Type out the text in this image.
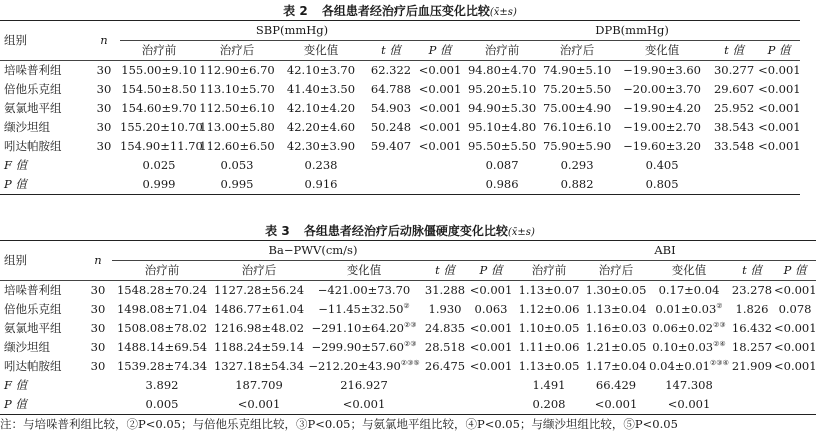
表 2 各组患者经治疗后血压变化比较(x̄±s)
组别	n	SBP(mmHg)					DPB(mmHg)				
		治疗前	治疗后	变化值	t 值	P 值	治疗前	治疗后	变化值	t 值	P 值
培哚普利组	30	155.00±9.10	112.90±6.70	42.10±3.70	62.322	<0.001	94.80±4.70	74.90±5.10	−19.90±3.60	30.277	<0.001
倍他乐克组	30	154.50±8.50	113.10±5.70	41.40±3.50	64.788	<0.001	95.20±5.10	75.20±5.50	−20.00±3.70	29.607	<0.001
氨氯地平组	30	154.60±9.70	112.50±6.10	42.10±4.20	54.903	<0.001	94.90±5.30	75.00±4.90	−19.90±4.20	25.952	<0.001
缬沙坦组	30	155.20±10.70	113.00±5.80	42.20±4.60	50.248	<0.001	95.10±4.80	76.10±6.10	−19.00±2.70	38.543	<0.001
吲达帕胺组	30	154.90±11.70	112.60±6.50	42.30±3.90	59.407	<0.001	95.50±5.50	75.90±5.90	−19.60±3.20	33.548	<0.001
F 值		0.025	0.053	0.238			0.087	0.293	0.405		
P 值		0.999	0.995	0.916			0.986	0.882	0.805		
表 3 各组患者经治疗后动脉僵硬度变化比较(x̄±s)
组别	n	Ba−PWV(cm/s)					ABI				
		治疗前	治疗后	变化值	t 值	P 值	治疗前	治疗后	变化值	t 值	P 值
培哚普利组	30	1548.28±70.24	1127.28±56.24	−421.00±73.70	31.288	<0.001	1.13±0.07	1.30±0.05	0.17±0.04	23.278	<0.001
倍他乐克组	30	1498.08±71.04	1486.77±61.04	−11.45±32.50②	1.930	0.063	1.12±0.06	1.13±0.04	0.01±0.03②	1.826	0.078
氨氯地平组	30	1508.08±78.02	1216.98±48.02	−291.10±64.20②③	24.835	<0.001	1.10±0.05	1.16±0.03	0.06±0.02②③	16.432	<0.001
缬沙坦组	30	1488.14±69.54	1188.24±59.14	−299.90±57.60②③	28.518	<0.001	1.11±0.06	1.21±0.05	0.10±0.03②④	18.257	<0.001
吲达帕胺组	30	1539.28±74.34	1327.18±54.34	−212.20±43.90②③⑤	26.475	<0.001	1.13±0.05	1.17±0.04	0.04±0.01②③④	21.909	<0.001
F 值		3.892	187.709	216.927			1.491	66.429	147.308		
P 值		0.005	<0.001	<0.001			0.208	<0.001	<0.001		
注：与培哚普利组比较，②P<0.05；与倍他乐克组比较，③P<0.05；与氨氯地平组比较，④P<0.05；与缬沙坦组比较，⑤P<0.05
